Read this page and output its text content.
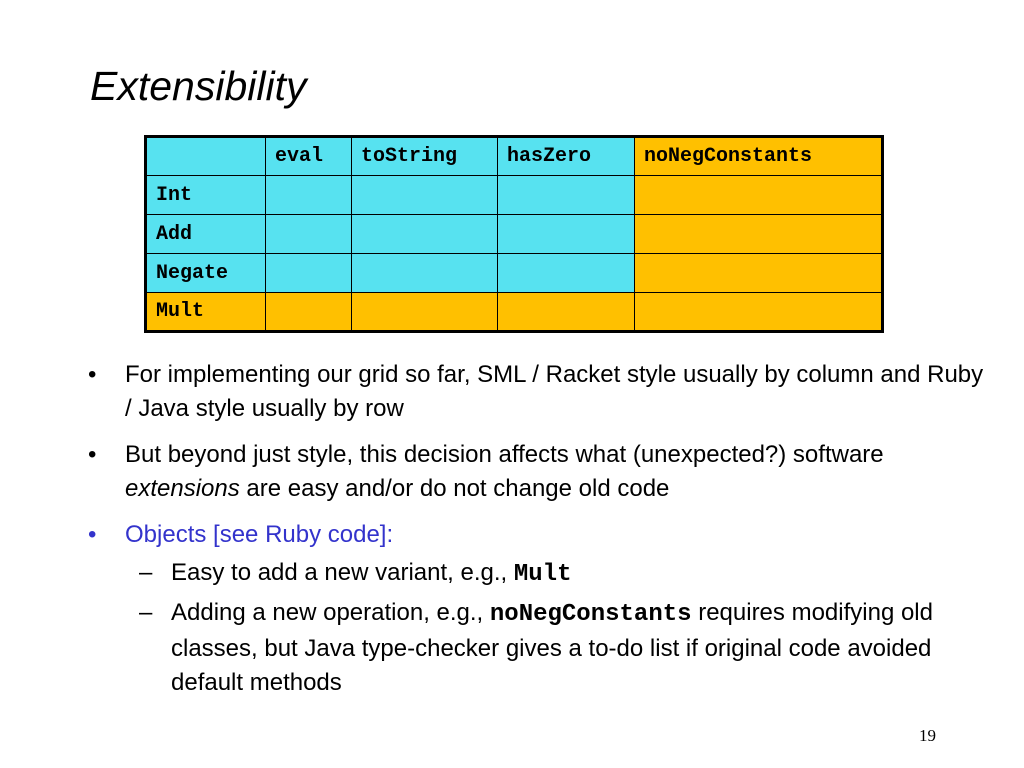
Extensibility
	eval	toString	hasZero	noNegConstants
Int				
Add				
Negate				
Mult				
• For implementing our grid so far, SML / Racket style usually by column and Ruby / Java style usually by row
• But beyond just style, this decision affects what (unexpected?) software extensions are easy and/or do not change old code
• Objects [see Ruby code]:
– Easy to add a new variant, e.g., Mult
– Adding a new operation, e.g., noNegConstants requires modifying old classes, but Java type-checker gives a to-do list if original code avoided default methods
19
